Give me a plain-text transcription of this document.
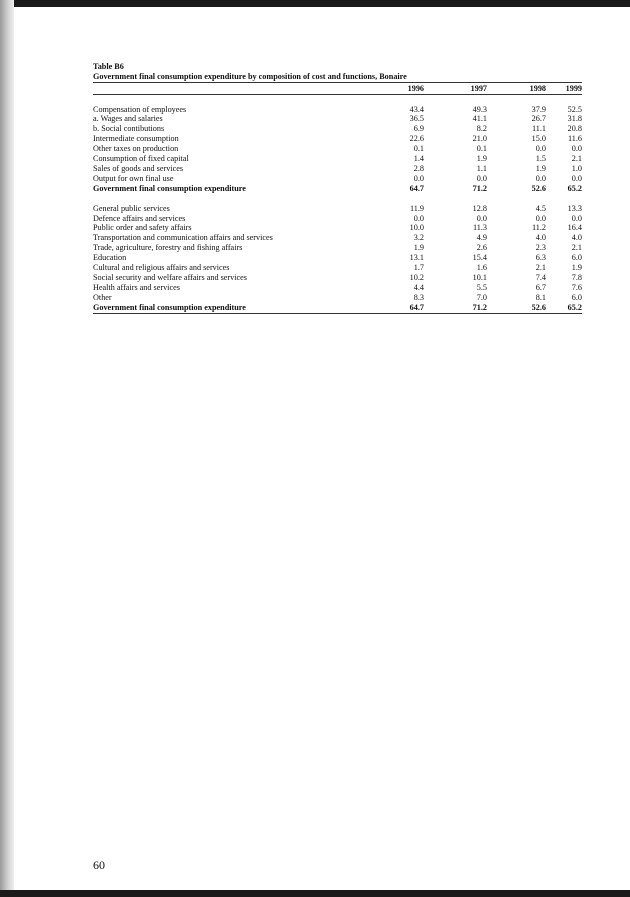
Table B6
Government final consumption expenditure by composition of cost and functions, Bonaire
	1996	1997	1998	1999

Compensation of employees	43.4	49.3	37.9	52.5
a. Wages and salaries	36.5	41.1	26.7	31.8
b. Social contibutions	6.9	8.2	11.1	20.8
Intermediate consumption	22.6	21.0	15.0	11.6
Other taxes on production	0.1	0.1	0.0	0.0
Consumption of fixed capital	1.4	1.9	1.5	2.1
Sales of goods and services	2.8	1.1	1.9	1.0
Output for own final use	0.0	0.0	0.0	0.0
Government final consumption expenditure	64.7	71.2	52.6	65.2

General public services	11.9	12.8	4.5	13.3
Defence affairs and services	0.0	0.0	0.0	0.0
Public order and safety affairs	10.0	11.3	11.2	16.4
Transportation and communication affairs and services	3.2	4.9	4.0	4.0
Trade, agriculture, forestry and fishing affairs	1.9	2.6	2.3	2.1
Education	13.1	15.4	6.3	6.0
Cultural and religious affairs and services	1.7	1.6	2.1	1.9
Social security and welfare affairs and services	10.2	10.1	7.4	7.8
Health affairs and services	4.4	5.5	6.7	7.6
Other	8.3	7.0	8.1	6.0
Government final consumption expenditure	64.7	71.2	52.6	65.2
60
